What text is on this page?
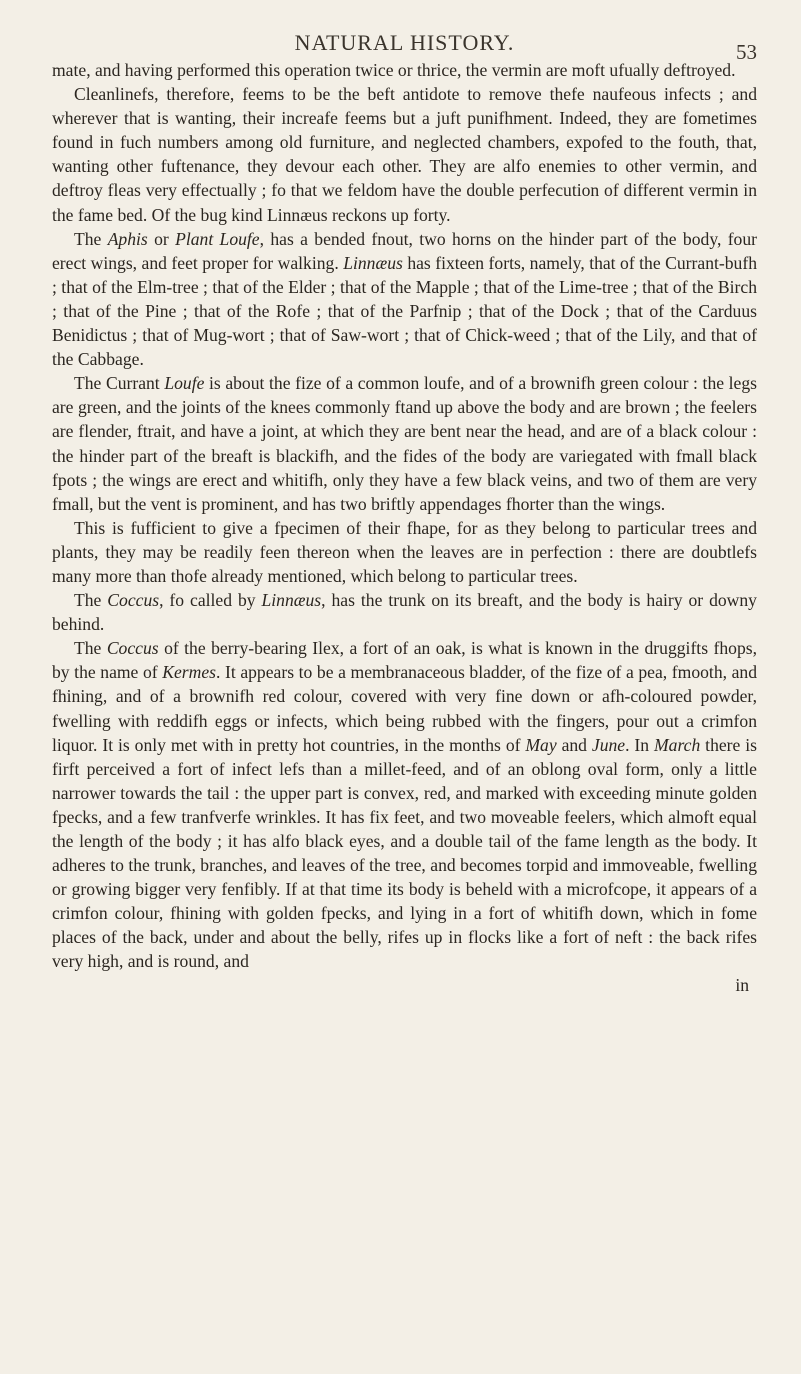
NATURAL HISTORY.	53

mate, and having performed this operation twice or thrice, the vermin are moft ufually deftroyed.

Cleanlinefs, therefore, feems to be the beft antidote to remove thefe naufeous infects ; and wherever that is wanting, their increafe feems but a juft punifhment. Indeed, they are fometimes found in fuch numbers among old furniture, and neglected chambers, expofed to the fouth, that, wanting other fuftenance, they devour each other. They are alfo enemies to other vermin, and deftroy fleas very effectually ; fo that we feldom have the double perfecution of different vermin in the fame bed. Of the bug kind Linnæus reckons up forty.

The Aphis or Plant Loufe, has a bended fnout, two horns on the hinder part of the body, four erect wings, and feet proper for walking. Linnæus has fixteen forts, namely, that of the Currant-bufh ; that of the Elm-tree ; that of the Elder ; that of the Mapple ; that of the Lime-tree ; that of the Birch ; that of the Pine ; that of the Rofe ; that of the Parfnip ; that of the Dock ; that of the Carduus Benidictus ; that of Mug-wort ; that of Saw-wort ; that of Chick-weed ; that of the Lily, and that of the Cabbage.

The Currant Loufe is about the fize of a common loufe, and of a brownifh green colour : the legs are green, and the joints of the knees commonly ftand up above the body and are brown ; the feelers are flender, ftrait, and have a joint, at which they are bent near the head, and are of a black colour : the hinder part of the breaft is blackifh, and the fides of the body are variegated with fmall black fpots ; the wings are erect and whitifh, only they have a few black veins, and two of them are very fmall, but the vent is prominent, and has two briftly appendages fhorter than the wings.

This is fufficient to give a fpecimen of their fhape, for as they belong to particular trees and plants, they may be readily feen thereon when the leaves are in perfection : there are doubtlefs many more than thofe already mentioned, which belong to particular trees.

The Coccus, fo called by Linnæus, has the trunk on its breaft, and the body is hairy or downy behind.

The Coccus of the berry-bearing Ilex, a fort of an oak, is what is known in the druggifts fhops, by the name of Kermes. It appears to be a membranaceous bladder, of the fize of a pea, fmooth, and fhining, and of a brownifh red colour, covered with very fine down or afh-coloured powder, fwelling with reddifh eggs or infects, which being rubbed with the fingers, pour out a crimfon liquor. It is only met with in pretty hot countries, in the months of May and June. In March there is firft perceived a fort of infect lefs than a millet-feed, and of an oblong oval form, only a little narrower towards the tail : the upper part is convex, red, and marked with exceeding minute golden fpecks, and a few tranfverfe wrinkles. It has fix feet, and two moveable feelers, which almoft equal the length of the body ; it has alfo black eyes, and a double tail of the fame length as the body. It adheres to the trunk, branches, and leaves of the tree, and becomes torpid and immoveable, fwelling or growing bigger very fenfibly. If at that time its body is beheld with a microfcope, it appears of a crimfon colour, fhining with golden fpecks, and lying in a fort of whitifh down, which in fome places of the back, under and about the belly, rifes up in flocks like a fort of neft : the back rifes very high, and is round, and

in
